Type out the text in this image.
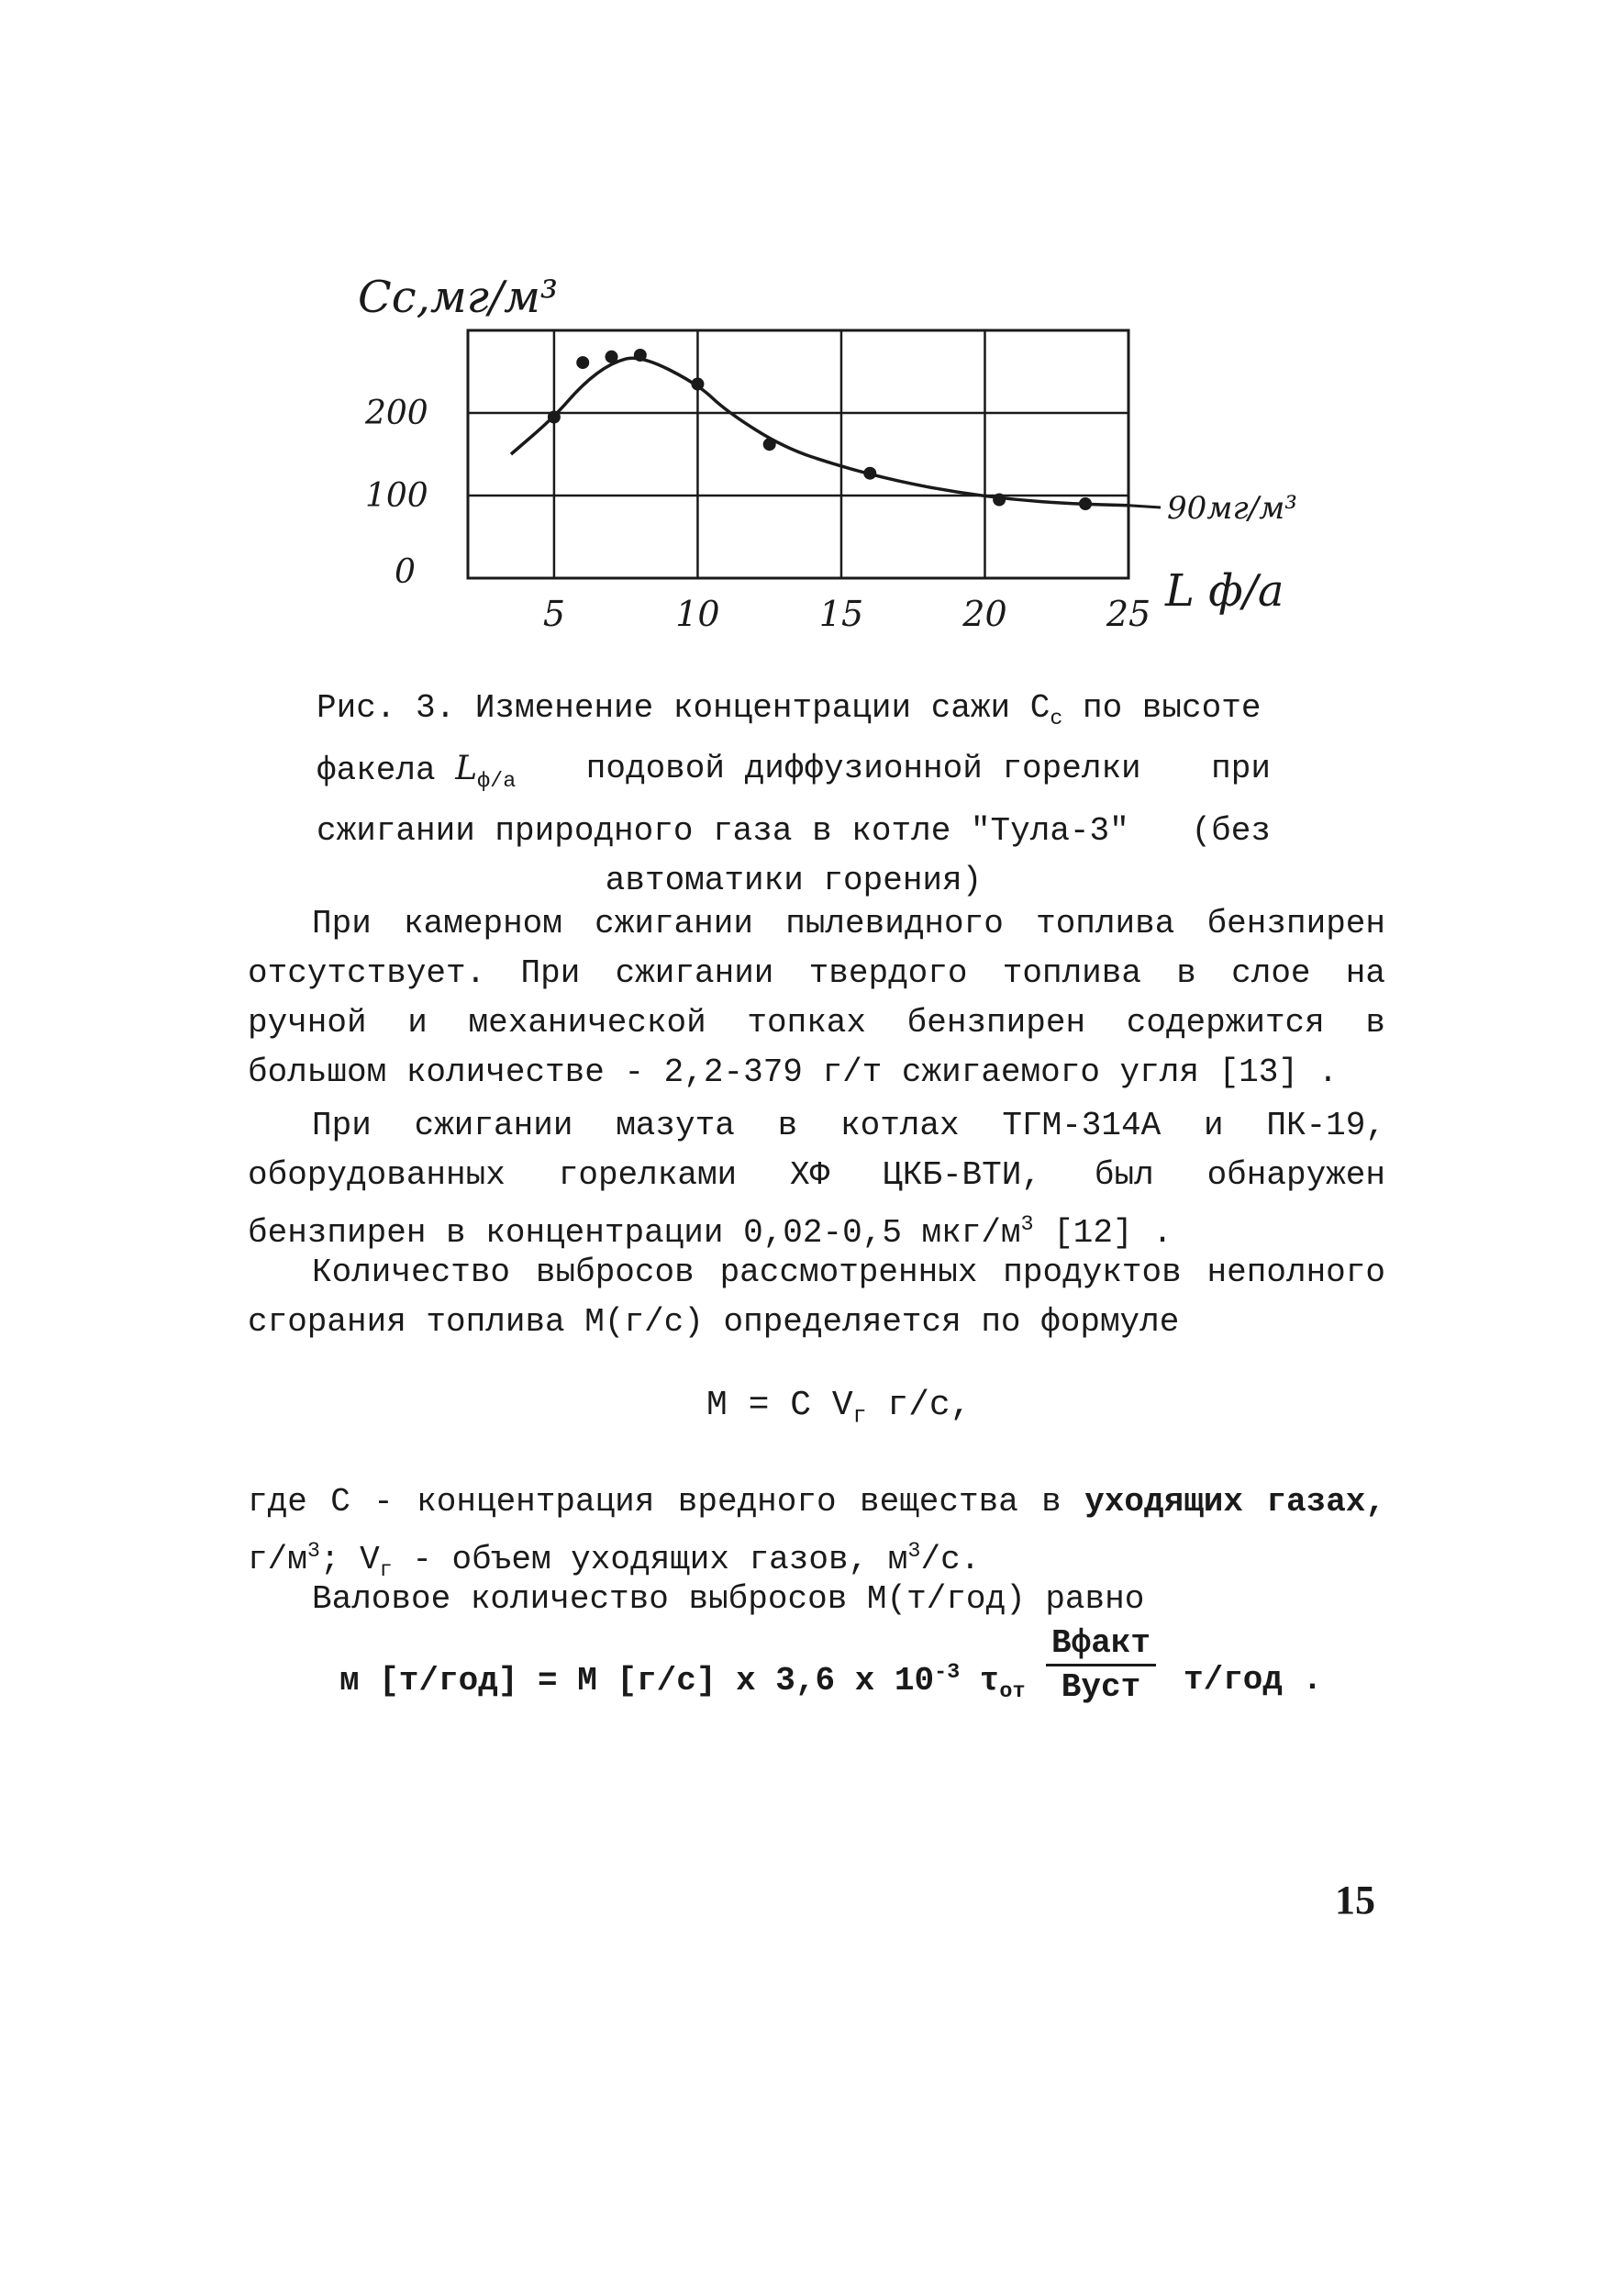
Cс,мг/м³
L ф/а
90мг/м³
5	10	15	20	25
200
100
0
Рис. 3. Изменение концентрации сажи $С_с$ по высоте
факела $L_{ф/а}$ подовой диффузионной горелки при
сжигании природного газа в котле "Тула-3" (без
автоматики горения)

При камерном сжигании пылевидного топлива бензпирен отсутствует. При сжигании твердого топлива в слое на ручной и механической топках бензпирен содержится в большом количестве - 2,2-379 г/т сжигаемого угля [13] .

При сжигании мазута в котлах ТГМ-314А и ПК-19, оборудованных горелками ХФ ЦКБ-ВТИ, был обнаружен бензпирен в концентрации 0,02-0,5 мкг/$м^3$ [12] .

Количество выбросов рассмотренных продуктов неполного сгорания топлива М(г/с) определяется по формуле

М = С $V_г$ г/с,

где С - концентрация вредного вещества в уходящих газах, $г/м^3$; $V_г$ - объем уходящих газов, $м^3/с$.

Валовое количество выбросов М(т/год) равно

м [т/год] = М [г/с] х 3,6 х $10^{-3}$ $\tau_{от}$
Вфакт
Вуст	т/год .
15
